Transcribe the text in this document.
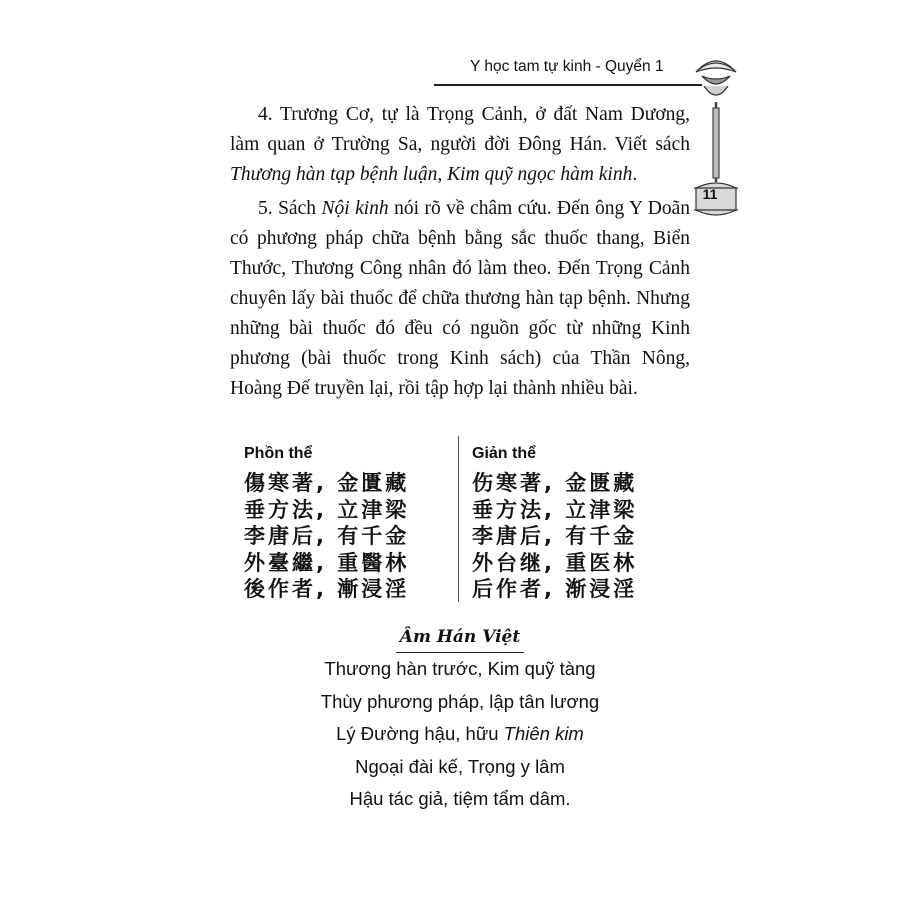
Y học tam tự kinh - Quyển 1
11

4. Trương Cơ, tự là Trọng Cảnh, ở đất Nam Dương, làm quan ở Trường Sa, người đời Đông Hán. Viết sách Thương hàn tạp bệnh luận, Kim quỹ ngọc hàm kinh.

5. Sách Nội kinh nói rõ về châm cứu. Đến ông Y Doãn có phương pháp chữa bệnh bằng sắc thuốc thang, Biển Thước, Thương Công nhân đó làm theo. Đến Trọng Cảnh chuyên lấy bài thuốc để chữa thương hàn tạp bệnh. Nhưng những bài thuốc đó đều có nguồn gốc từ những Kinh phương (bài thuốc trong Kinh sách) của Thần Nông, Hoàng Đế truyền lại, rồi tập hợp lại thành nhiều bài.

Phồn thể
傷寒著, 金匱藏
垂方法, 立津梁
李唐后, 有千金
外臺繼, 重醫林
後作者, 漸浸淫
Giản thể
伤寒著, 金匮藏
垂方法, 立津梁
李唐后, 有千金
外台继, 重医林
后作者, 渐浸淫
Âm Hán Việt
Thương hàn trước, Kim quỹ tàng
Thùy phương pháp, lập tân lương
Lý Đường hậu, hữu Thiên kim
Ngoại đài kế, Trọng y lâm
Hậu tác giả, tiệm tẩm dâm.
